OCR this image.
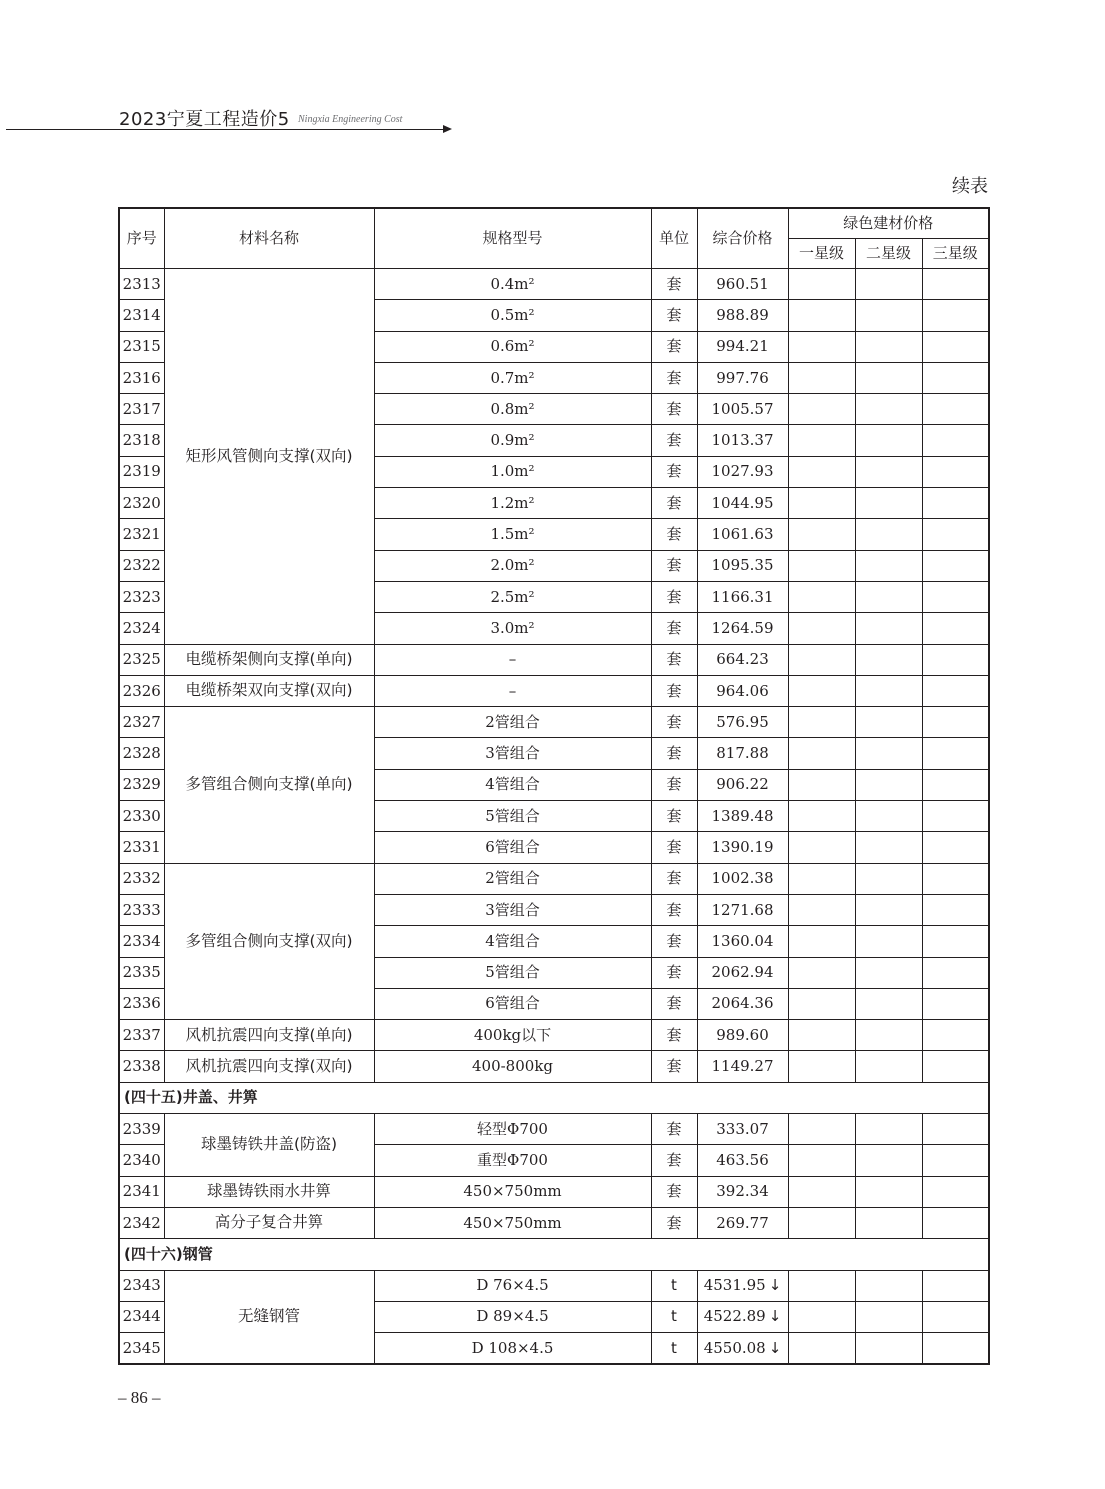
2023宁夏工程造价5 Ningxia Engineering Cost
续表
序号	材料名称	规格型号	单位	综合价格	绿色建材价格		
					一星级	二星级	三星级
2313	矩形风管侧向支撑(双向)	0.4m²	套	960.51			
2314		0.5m²	套	988.89			
2315		0.6m²	套	994.21			
2316		0.7m²	套	997.76			
2317		0.8m²	套	1005.57			
2318		0.9m²	套	1013.37			
2319		1.0m²	套	1027.93			
2320		1.2m²	套	1044.95			
2321		1.5m²	套	1061.63			
2322		2.0m²	套	1095.35			
2323		2.5m²	套	1166.31			
2324		3.0m²	套	1264.59			
2325	电缆桥架侧向支撑(单向)	–	套	664.23			
2326	电缆桥架双向支撑(双向)	–	套	964.06			
2327	多管组合侧向支撑(单向)	2管组合	套	576.95			
2328		3管组合	套	817.88			
2329		4管组合	套	906.22			
2330		5管组合	套	1389.48			
2331		6管组合	套	1390.19			
2332	多管组合侧向支撑(双向)	2管组合	套	1002.38			
2333		3管组合	套	1271.68			
2334		4管组合	套	1360.04			
2335		5管组合	套	2062.94			
2336		6管组合	套	2064.36			
2337	风机抗震四向支撑(单向)	400kg以下	套	989.60			
2338	风机抗震四向支撑(双向)	400-800kg	套	1149.27			
(四十五)井盖、井箅							
2339	球墨铸铁井盖(防盗)	轻型Φ700	套	333.07			
2340		重型Φ700	套	463.56			
2341	球墨铸铁雨水井箅	450×750mm	套	392.34			
2342	高分子复合井箅	450×750mm	套	269.77			
(四十六)钢管							
2343	无缝钢管	D 76×4.5	t	4531.95 ↓			
2344		D 89×4.5	t	4522.89 ↓			
2345		D 108×4.5	t	4550.08 ↓			
– 86 –
